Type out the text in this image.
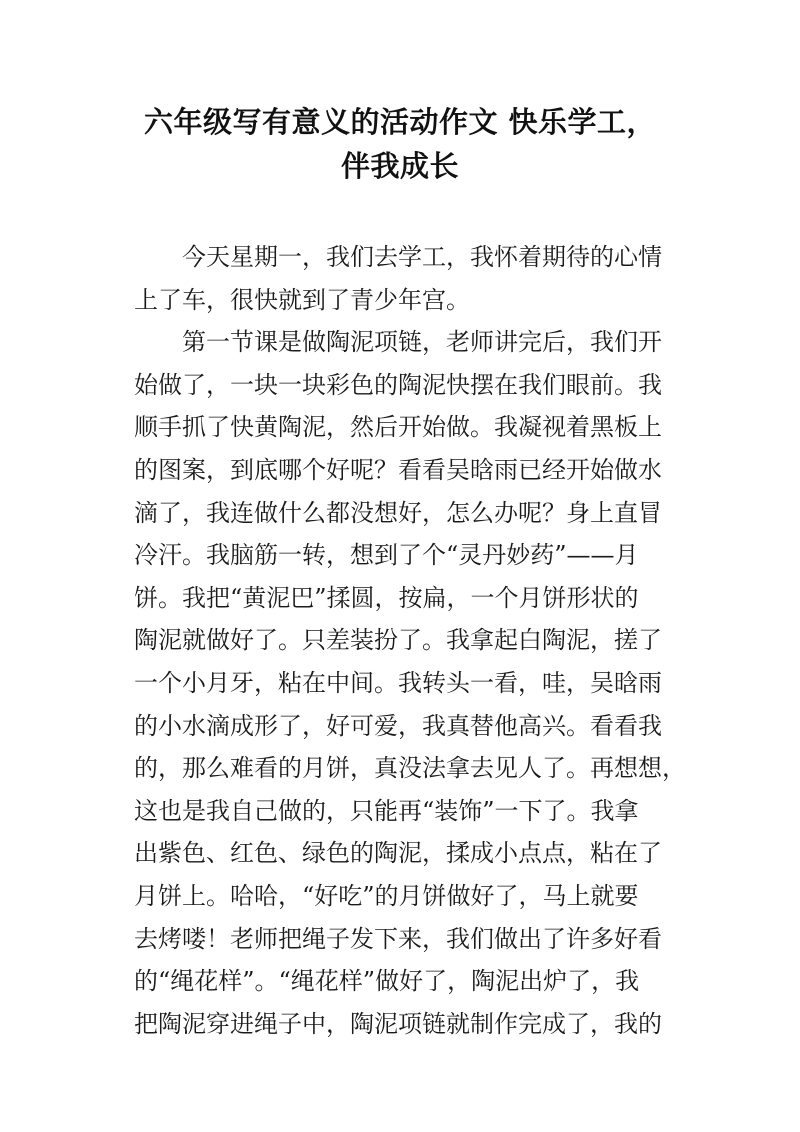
六年级写有意义的活动作文 快乐学工，
伴我成长
今天星期一，我们去学工，我怀着期待的心情
上了车，很快就到了青少年宫。
第一节课是做陶泥项链，老师讲完后，我们开
始做了，一块一块彩色的陶泥快摆在我们眼前。我
顺手抓了快黄陶泥，然后开始做。我凝视着黑板上
的图案，到底哪个好呢？看看吴晗雨已经开始做水
滴了，我连做什么都没想好，怎么办呢？身上直冒
冷汗。我脑筋一转，想到了个“灵丹妙药”——月
饼。我把“黄泥巴”揉圆，按扁，一个月饼形状的
陶泥就做好了。只差装扮了。我拿起白陶泥，搓了
一个小月牙，粘在中间。我转头一看，哇，吴晗雨
的小水滴成形了，好可爱，我真替他高兴。看看我
的，那么难看的月饼，真没法拿去见人了。再想想，
这也是我自己做的，只能再“装饰”一下了。我拿
出紫色、红色、绿色的陶泥，揉成小点点，粘在了
月饼上。哈哈，“好吃”的月饼做好了，马上就要
去烤喽！老师把绳子发下来，我们做出了许多好看
的“绳花样”。“绳花样”做好了，陶泥出炉了，我
把陶泥穿进绳子中，陶泥项链就制作完成了，我的
